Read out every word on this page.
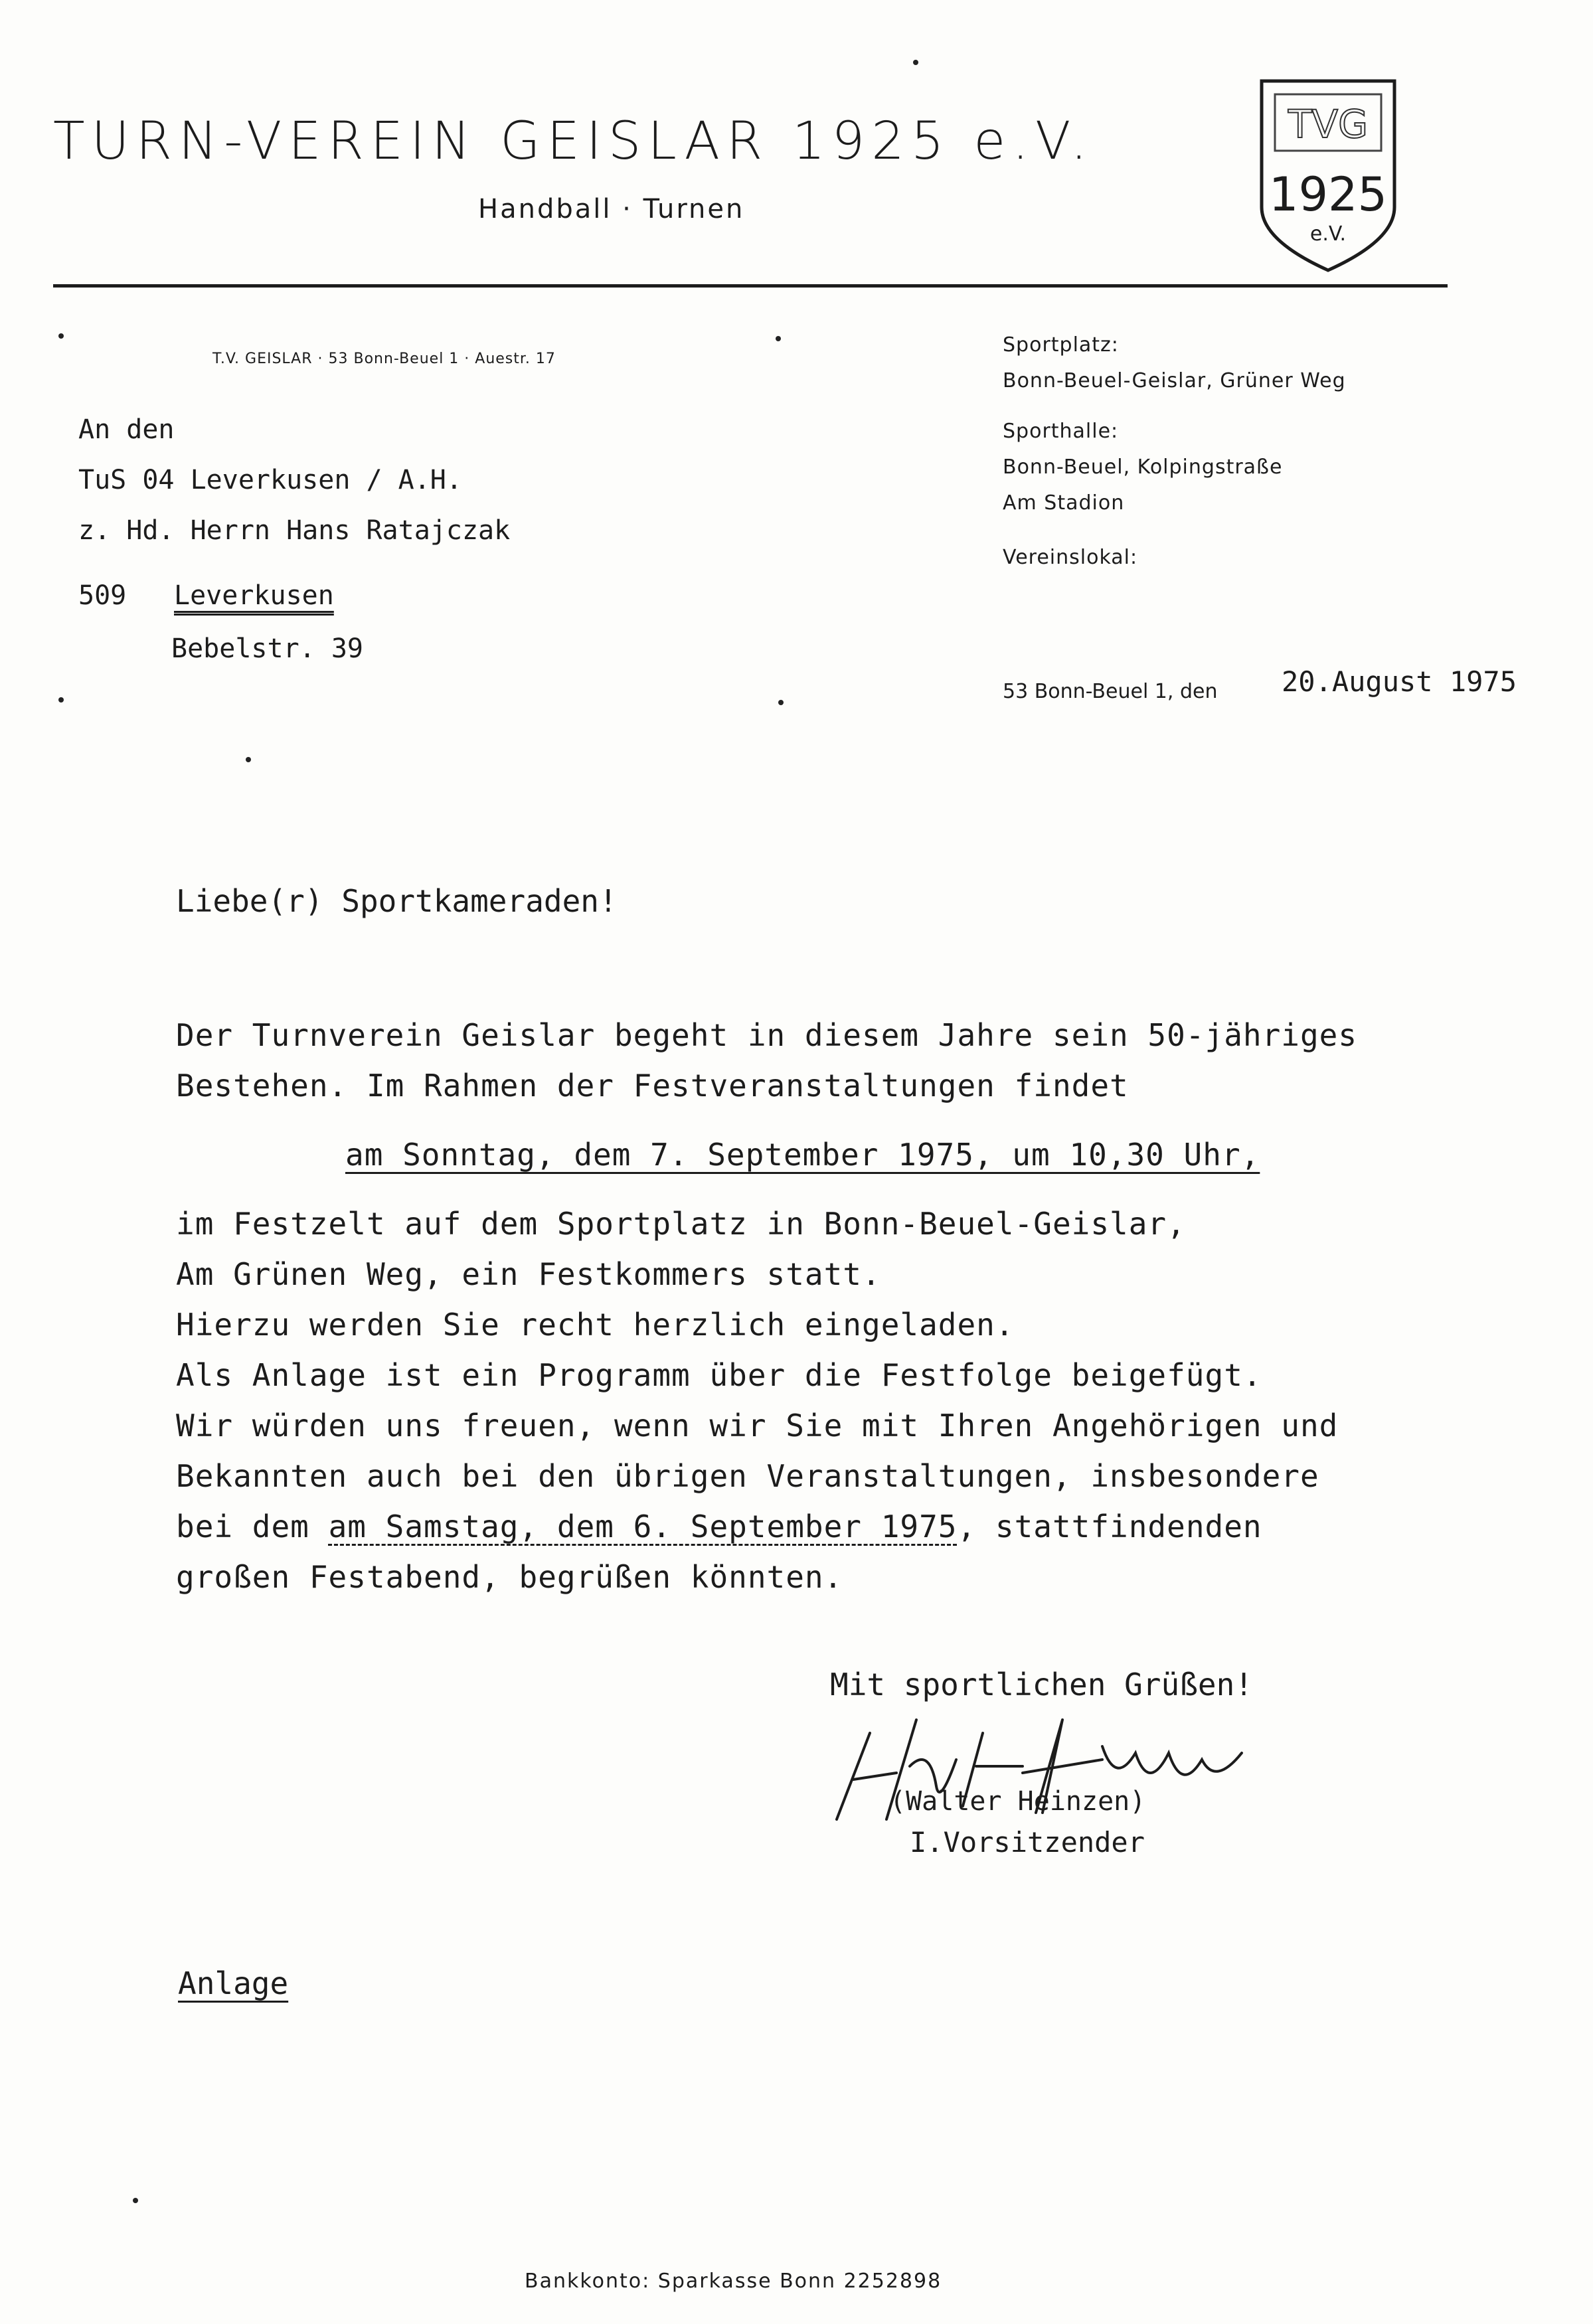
TURN-VEREIN GEISLAR 1925 e.V.
Handball · Turnen
TVG
1925
e.V.
T.V. GEISLAR · 53 Bonn-Beuel 1 · Auestr. 17
Sportplatz:
Bonn-Beuel-Geislar, Grüner Weg
Sporthalle:
Bonn-Beuel, Kolpingstraße
Am Stadion
Vereinslokal:
An den
TuS 04 Leverkusen / A.H.
z. Hd. Herrn Hans Ratajczak
509 Leverkusen
Bebelstr. 39
53 Bonn-Beuel 1, den 20.August 1975
Liebe(r) Sportkameraden!
Der Turnverein Geislar begeht in diesem Jahre sein 50-jähriges
Bestehen. Im Rahmen der Festveranstaltungen findet
am Sonntag, dem 7. September 1975, um 10,30 Uhr,
im Festzelt auf dem Sportplatz in Bonn-Beuel-Geislar,
Am Grünen Weg, ein Festkommers statt.
Hierzu werden Sie recht herzlich eingeladen.
Als Anlage ist ein Programm über die Festfolge beigefügt.
Wir würden uns freuen, wenn wir Sie mit Ihren Angehörigen und
Bekannten auch bei den übrigen Veranstaltungen, insbesondere
bei dem am Samstag, dem 6. September 1975, stattfindenden
großen Festabend, begrüßen könnten.
Mit sportlichen Grüßen!
(Walter Heinzen)
I.Vorsitzender
Anlage
Bankkonto: Sparkasse Bonn 2252898
